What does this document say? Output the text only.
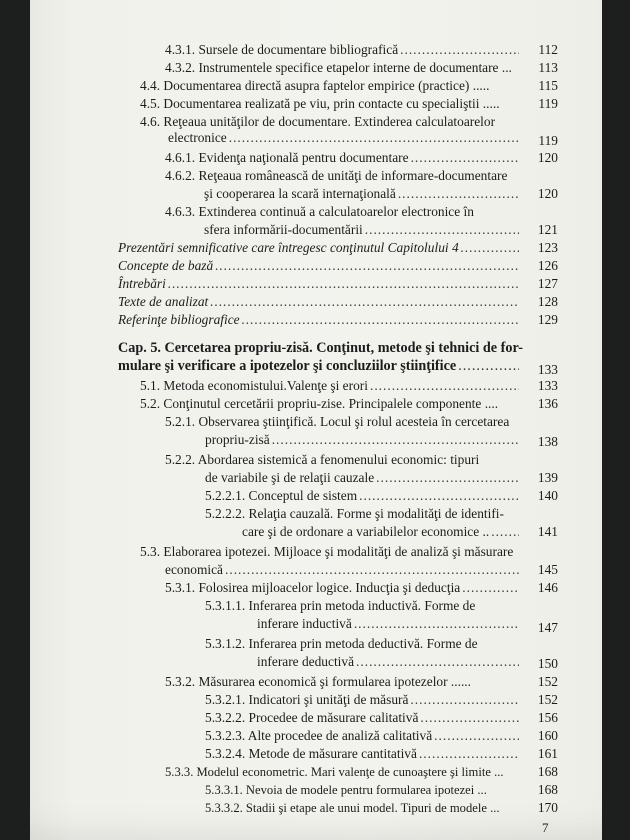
4.3.1. Sursele de documentare bibliografică .....	112
4.3.2. Instrumentele specifice etapelor interne de documentare ...	113
4.4. Documentarea directă asupra faptelor empirice (practice) .....	115
4.5. Documentarea realizată pe viu, prin contacte cu specialiştii .....	119
4.6. Reţeaua unităţilor de documentare. Extinderea calculatoarelor
electronice .....	119
4.6.1. Evidenţa naţională pentru documentare .....	120
4.6.2. Reţeaua românească de unităţi de informare-documentare
şi cooperarea la scară internaţională .....	120
4.6.3. Extinderea continuă a calculatoarelor electronice în
sfera informării-documentării .....	121
Prezentări semnificative care întregesc conţinutul Capitolului 4 .....	123
Concepte de bază .....	126
Întrebări .....	127
Texte de analizat .....	128
Referinţe bibliografice .....	129
Cap. 5. Cercetarea propriu-zisă. Conţinut, metode şi tehnici de for-
mulare şi verificare a ipotezelor şi concluziilor ştiinţifice .....	133
5.1. Metoda economistului.Valenţe şi erori .....	133
5.2. Conţinutul cercetării propriu-zise. Principalele componente ....	136
5.2.1. Observarea ştiinţifică. Locul şi rolul acesteia în cercetarea
propriu-zisă .....	138
5.2.2. Abordarea sistemică a fenomenului economic: tipuri
de variabile şi de relaţii cauzale .....	139
5.2.2.1. Conceptul de sistem .....	140
5.2.2.2. Relaţia cauzală. Forme şi modalităţi de identifi-
care şi de ordonare a variabilelor economice .. .....	141
5.3. Elaborarea ipotezei. Mijloace şi modalităţi de analiză şi măsurare
economică .....	145
5.3.1. Folosirea mijloacelor logice. Inducţia şi deducţia .....	146
5.3.1.1. Inferarea prin metoda inductivă. Forme de
inferare inductivă .....	147
5.3.1.2. Inferarea prin metoda deductivă. Forme de
inferare deductivă .....	150
5.3.2. Măsurarea economică şi formularea ipotezelor ......	152
5.3.2.1. Indicatori şi unităţi de măsură .....	152
5.3.2.2. Procedee de măsurare calitativă .....	156
5.3.2.3. Alte procedee de analiză calitativă .....	160
5.3.2.4. Metode de măsurare cantitativă .....	161
5.3.3. Modelul econometric. Mari valenţe de cunoaştere şi limite ...	168
5.3.3.1. Nevoia de modele pentru formularea ipotezei ...	168
5.3.3.2. Stadii şi etape ale unui model. Tipuri de modele ...	170
7
